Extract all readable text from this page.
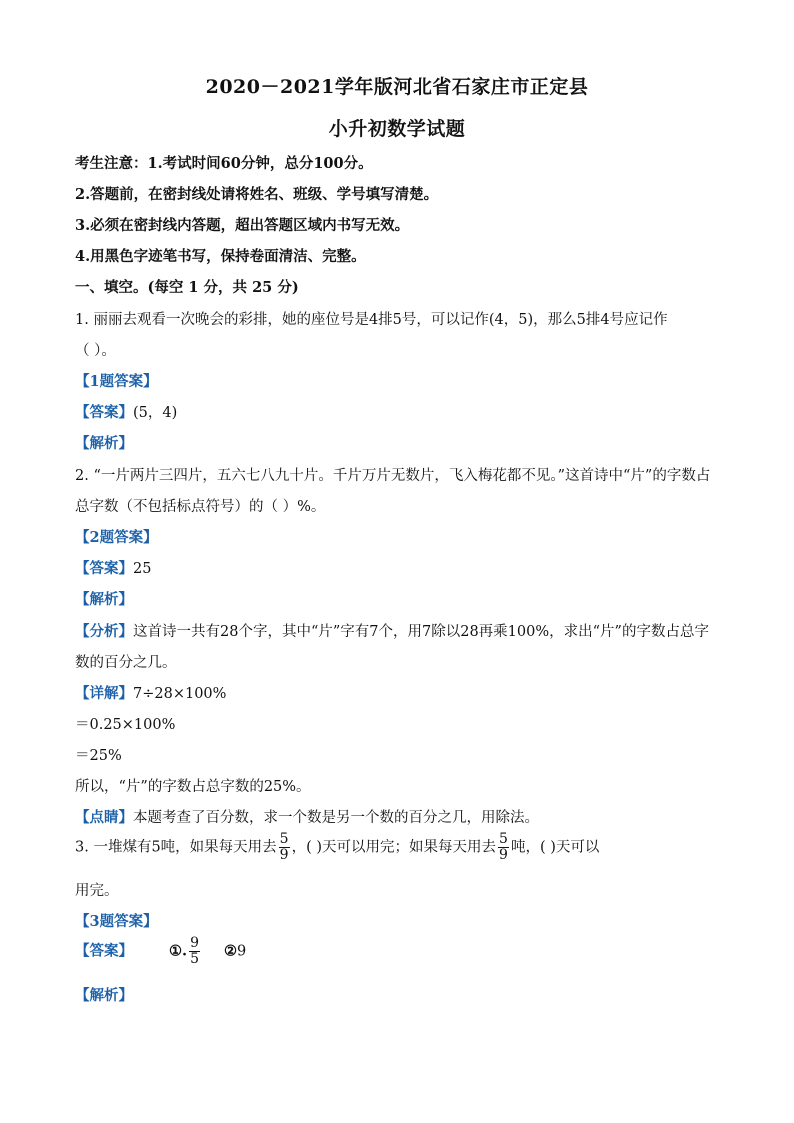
2020－2021学年版河北省石家庄市正定县
小升初数学试题
考生注意：1.考试时间60分钟，总分100分。
2.答题前，在密封线处请将姓名、班级、学号填写清楚。
3.必须在密封线内答题，超出答题区域内书写无效。
4.用黑色字迹笔书写，保持卷面清洁、完整。
一、填空。(每空 1 分，共 25 分)
1. 丽丽去观看一次晚会的彩排，她的座位号是4排5号，可以记作(4，5)，那么5排4号应记作
（ ）。
【1题答案】
【答案】(5，4)
【解析】
2. “一片两片三四片，五六七八九十片。千片万片无数片，飞入梅花都不见。”这首诗中“片”的字数占
总字数（不包括标点符号）的（ ）%。
【2题答案】
【答案】25
【解析】
【分析】这首诗一共有28个字，其中“片”字有7个，用7除以28再乘100%，求出“片”的字数占总字
数的百分之几。
【详解】7÷28×100%
＝0.25×100%
＝25%
所以，“片”的字数占总字数的25%。
【点睛】本题考查了百分数，求一个数是另一个数的百分之几，用除法。
3. 一堆煤有5吨，如果每天用去 $\frac{5}{9}$ ，( )天可以用完；如果每天用去 $\frac{5}{9}$ 吨，( )天可以
用完。
【3题答案】
【答案】 ①. $\frac{9}{5}$ ②9
【解析】
